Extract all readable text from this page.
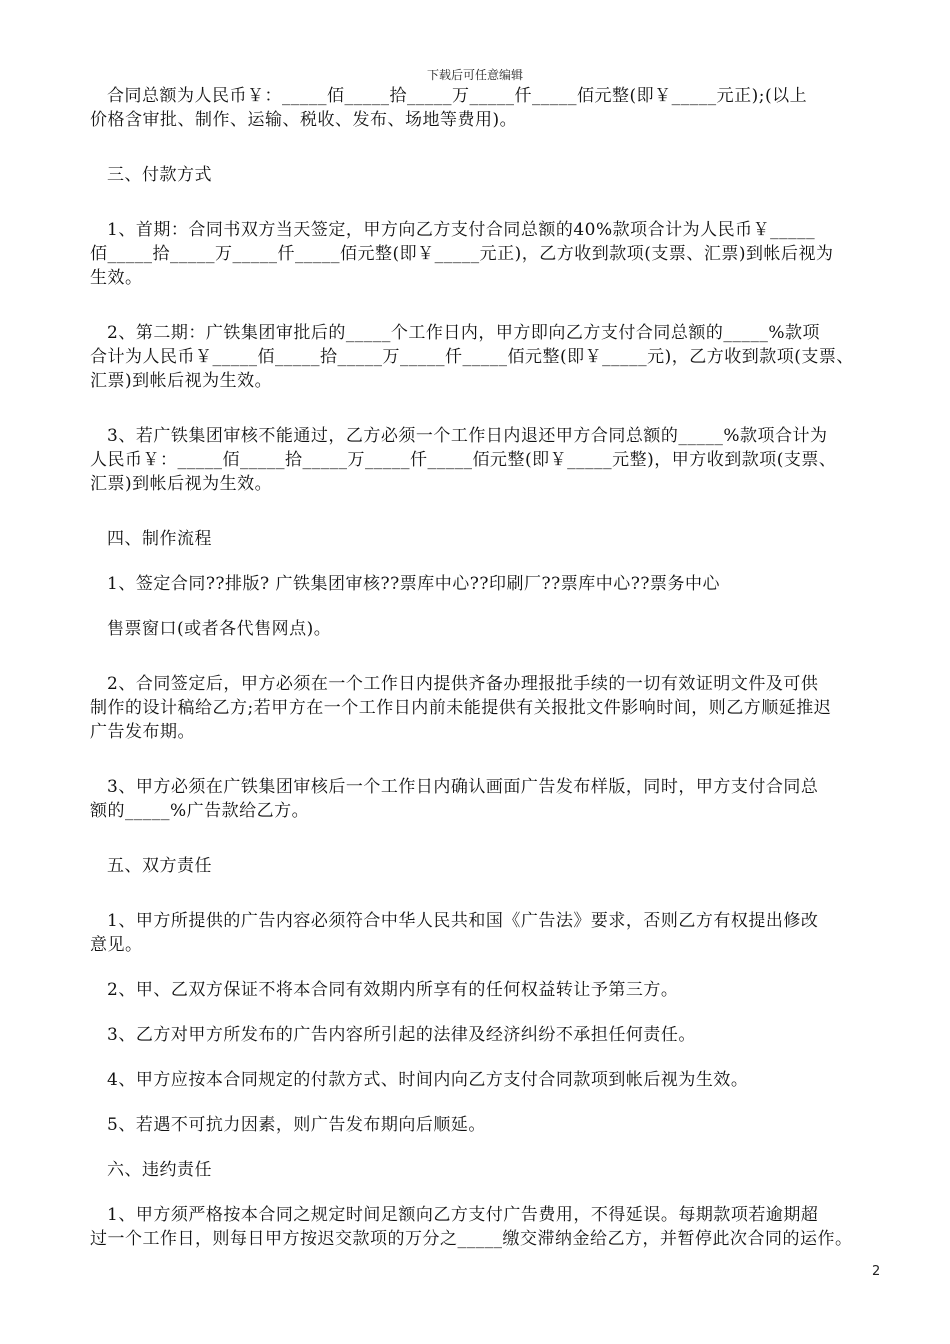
下载后可任意编辑
合同总额为人民币￥：_____佰_____拾_____万_____仟_____佰元整(即￥_____元正);(以上
价格含审批、制作、运输、税收、发布、场地等费用)。
三、付款方式
1、首期：合同书双方当天签定，甲方向乙方支付合同总额的40%款项合计为人民币￥_____
佰_____拾_____万_____仟_____佰元整(即￥_____元正)，乙方收到款项(支票、汇票)到帐后视为
生效。
2、第二期：广铁集团审批后的_____个工作日内，甲方即向乙方支付合同总额的_____%款项
合计为人民币￥_____佰_____拾_____万_____仟_____佰元整(即￥_____元)，乙方收到款项(支票、
汇票)到帐后视为生效。
3、若广铁集团审核不能通过，乙方必须一个工作日内退还甲方合同总额的_____%款项合计为
人民币￥：_____佰_____拾_____万_____仟_____佰元整(即￥_____元整)，甲方收到款项(支票、
汇票)到帐后视为生效。
四、制作流程
1、签定合同??排版? 广铁集团审核??票库中心??印刷厂??票库中心??票务中心
售票窗口(或者各代售网点)。
2、合同签定后，甲方必须在一个工作日内提供齐备办理报批手续的一切有效证明文件及可供
制作的设计稿给乙方;若甲方在一个工作日内前未能提供有关报批文件影响时间，则乙方顺延推迟
广告发布期。
3、甲方必须在广铁集团审核后一个工作日内确认画面广告发布样版，同时，甲方支付合同总
额的_____%广告款给乙方。
五、双方责任
1、甲方所提供的广告内容必须符合中华人民共和国《广告法》要求，否则乙方有权提出修改
意见。
2、甲、乙双方保证不将本合同有效期内所享有的任何权益转让予第三方。
3、乙方对甲方所发布的广告内容所引起的法律及经济纠纷不承担任何责任。
4、甲方应按本合同规定的付款方式、时间内向乙方支付合同款项到帐后视为生效。
5、若遇不可抗力因素，则广告发布期向后顺延。
六、违约责任
1、甲方须严格按本合同之规定时间足额向乙方支付广告费用，不得延误。每期款项若逾期超
过一个工作日，则每日甲方按迟交款项的万分之_____缴交滞纳金给乙方，并暂停此次合同的运作。
2
